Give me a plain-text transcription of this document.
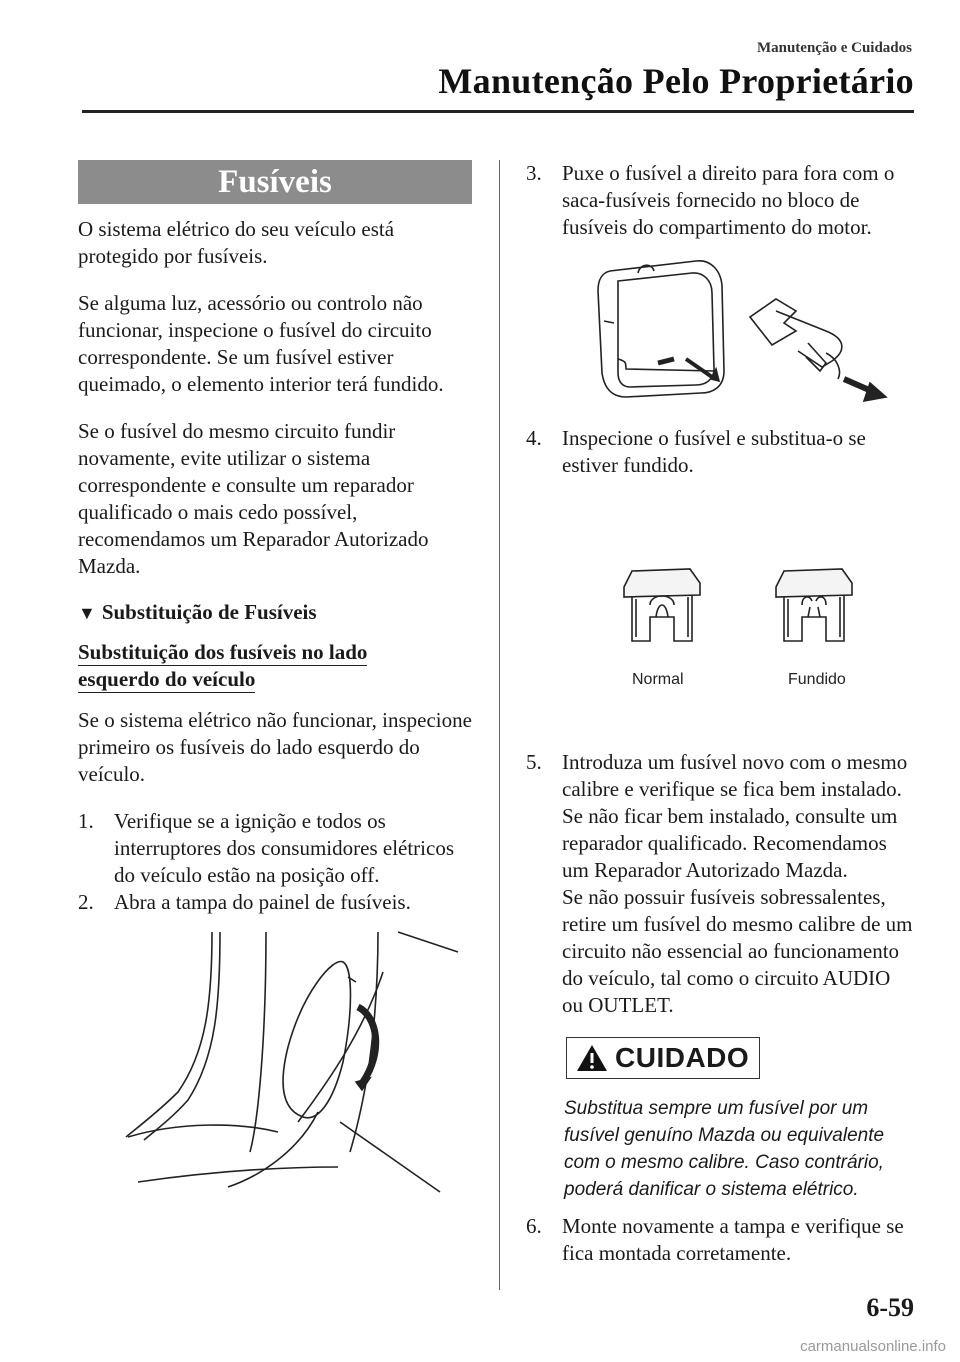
Manutenção e Cuidados
Manutenção Pelo Proprietário
Fusíveis

O sistema elétrico do seu veículo está protegido por fusíveis.

Se alguma luz, acessório ou controlo não funcionar, inspecione o fusível do circuito correspondente. Se um fusível estiver queimado, o elemento interior terá fundido.

Se o fusível do mesmo circuito fundir novamente, evite utilizar o sistema correspondente e consulte um reparador qualificado o mais cedo possível, recomendamos um Reparador Autorizado Mazda.

▼ Substituição de Fusíveis
Substituição dos fusíveis no lado
esquerdo do veículo

Se o sistema elétrico não funcionar, inspecione primeiro os fusíveis do lado esquerdo do veículo.

1. Verifique se a ignição e todos os interruptores dos consumidores elétricos do veículo estão na posição off.
2. Abra a tampa do painel de fusíveis.
3. Puxe o fusível a direito para fora com o saca-fusíveis fornecido no bloco de fusíveis do compartimento do motor.
4. Inspecione o fusível e substitua-o se estiver fundido.
Normal	Fundido
5. Introduza um fusível novo com o mesmo calibre e verifique se fica bem instalado. Se não ficar bem instalado, consulte um reparador qualificado. Recomendamos um Reparador Autorizado Mazda.
Se não possuir fusíveis sobressalentes, retire um fusível do mesmo calibre de um circuito não essencial ao funcionamento do veículo, tal como o circuito AUDIO ou OUTLET.
CUIDADO
Substitua sempre um fusível por um fusível genuíno Mazda ou equivalente com o mesmo calibre. Caso contrário, poderá danificar o sistema elétrico.
6. Monte novamente a tampa e verifique se fica montada corretamente.
6-59
carmanualsonline.info
